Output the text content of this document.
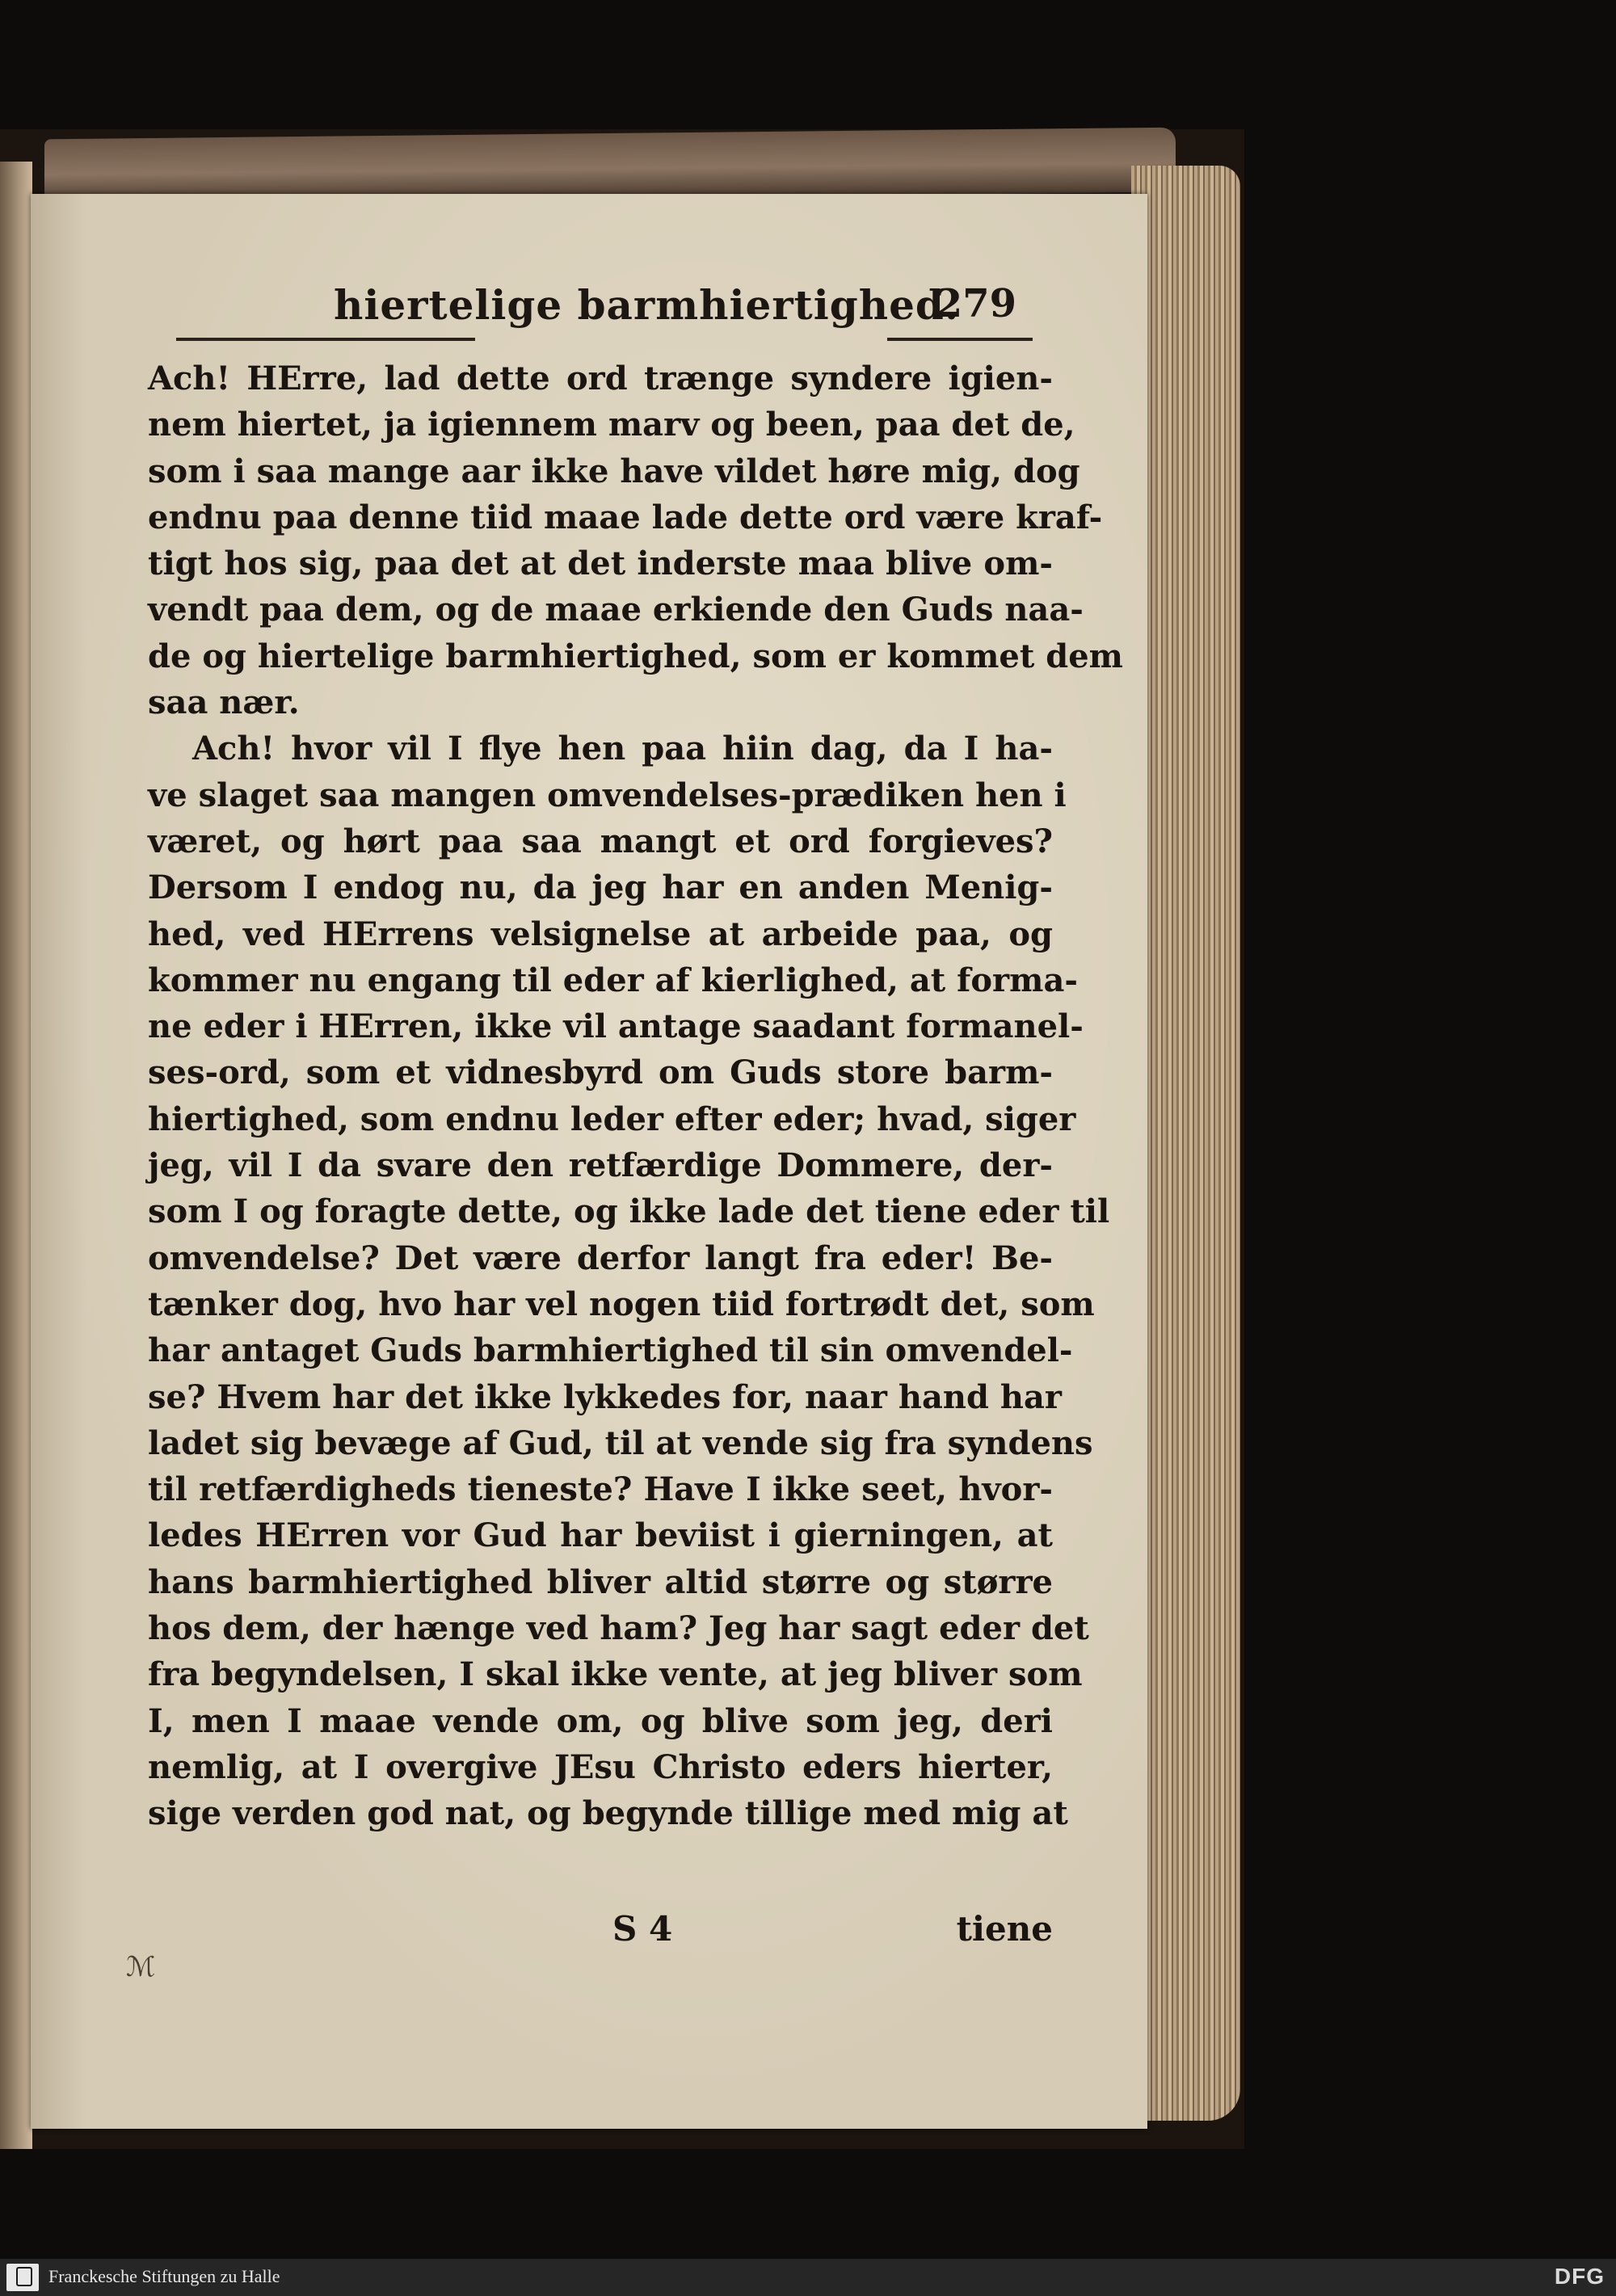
hiertelige barmhiertighed.
279
Ach! HErre, lad dette ord trænge syndere igien-
nem hiertet, ja igiennem marv og been, paa det de,
som i saa mange aar ikke have vildet høre mig, dog
endnu paa denne tiid maae lade dette ord være kraf-
tigt hos sig, paa det at det inderste maa blive om-
vendt paa dem, og de maae erkiende den Guds naa-
de og hiertelige barmhiertighed, som er kommet dem
saa nær.
Ach! hvor vil I flye hen paa hiin dag, da I ha-
ve slaget saa mangen omvendelses-prædiken hen i
været, og hørt paa saa mangt et ord forgieves?
Dersom I endog nu, da jeg har en anden Menig-
hed, ved HErrens velsignelse at arbeide paa, og
kommer nu engang til eder af kierlighed, at forma-
ne eder i HErren, ikke vil antage saadant formanel-
ses-ord, som et vidnesbyrd om Guds store barm-
hiertighed, som endnu leder efter eder; hvad, siger
jeg, vil I da svare den retfærdige Dommere, der-
som I og foragte dette, og ikke lade det tiene eder til
omvendelse? Det være derfor langt fra eder! Be-
tænker dog, hvo har vel nogen tiid fortrødt det, som
har antaget Guds barmhiertighed til sin omvendel-
se? Hvem har det ikke lykkedes for, naar hand har
ladet sig bevæge af Gud, til at vende sig fra syndens
til retfærdigheds tieneste? Have I ikke seet, hvor-
ledes HErren vor Gud har beviist i gierningen, at
hans barmhiertighed bliver altid større og større
hos dem, der hænge ved ham? Jeg har sagt eder det
fra begyndelsen, I skal ikke vente, at jeg bliver som
I, men I maae vende om, og blive som jeg, deri
nemlig, at I overgive JEsu Christo eders hierter,
sige verden god nat, og begynde tillige med mig at
S 4	tiene
ℳ
Franckesche Stiftungen zu Halle	DFG
